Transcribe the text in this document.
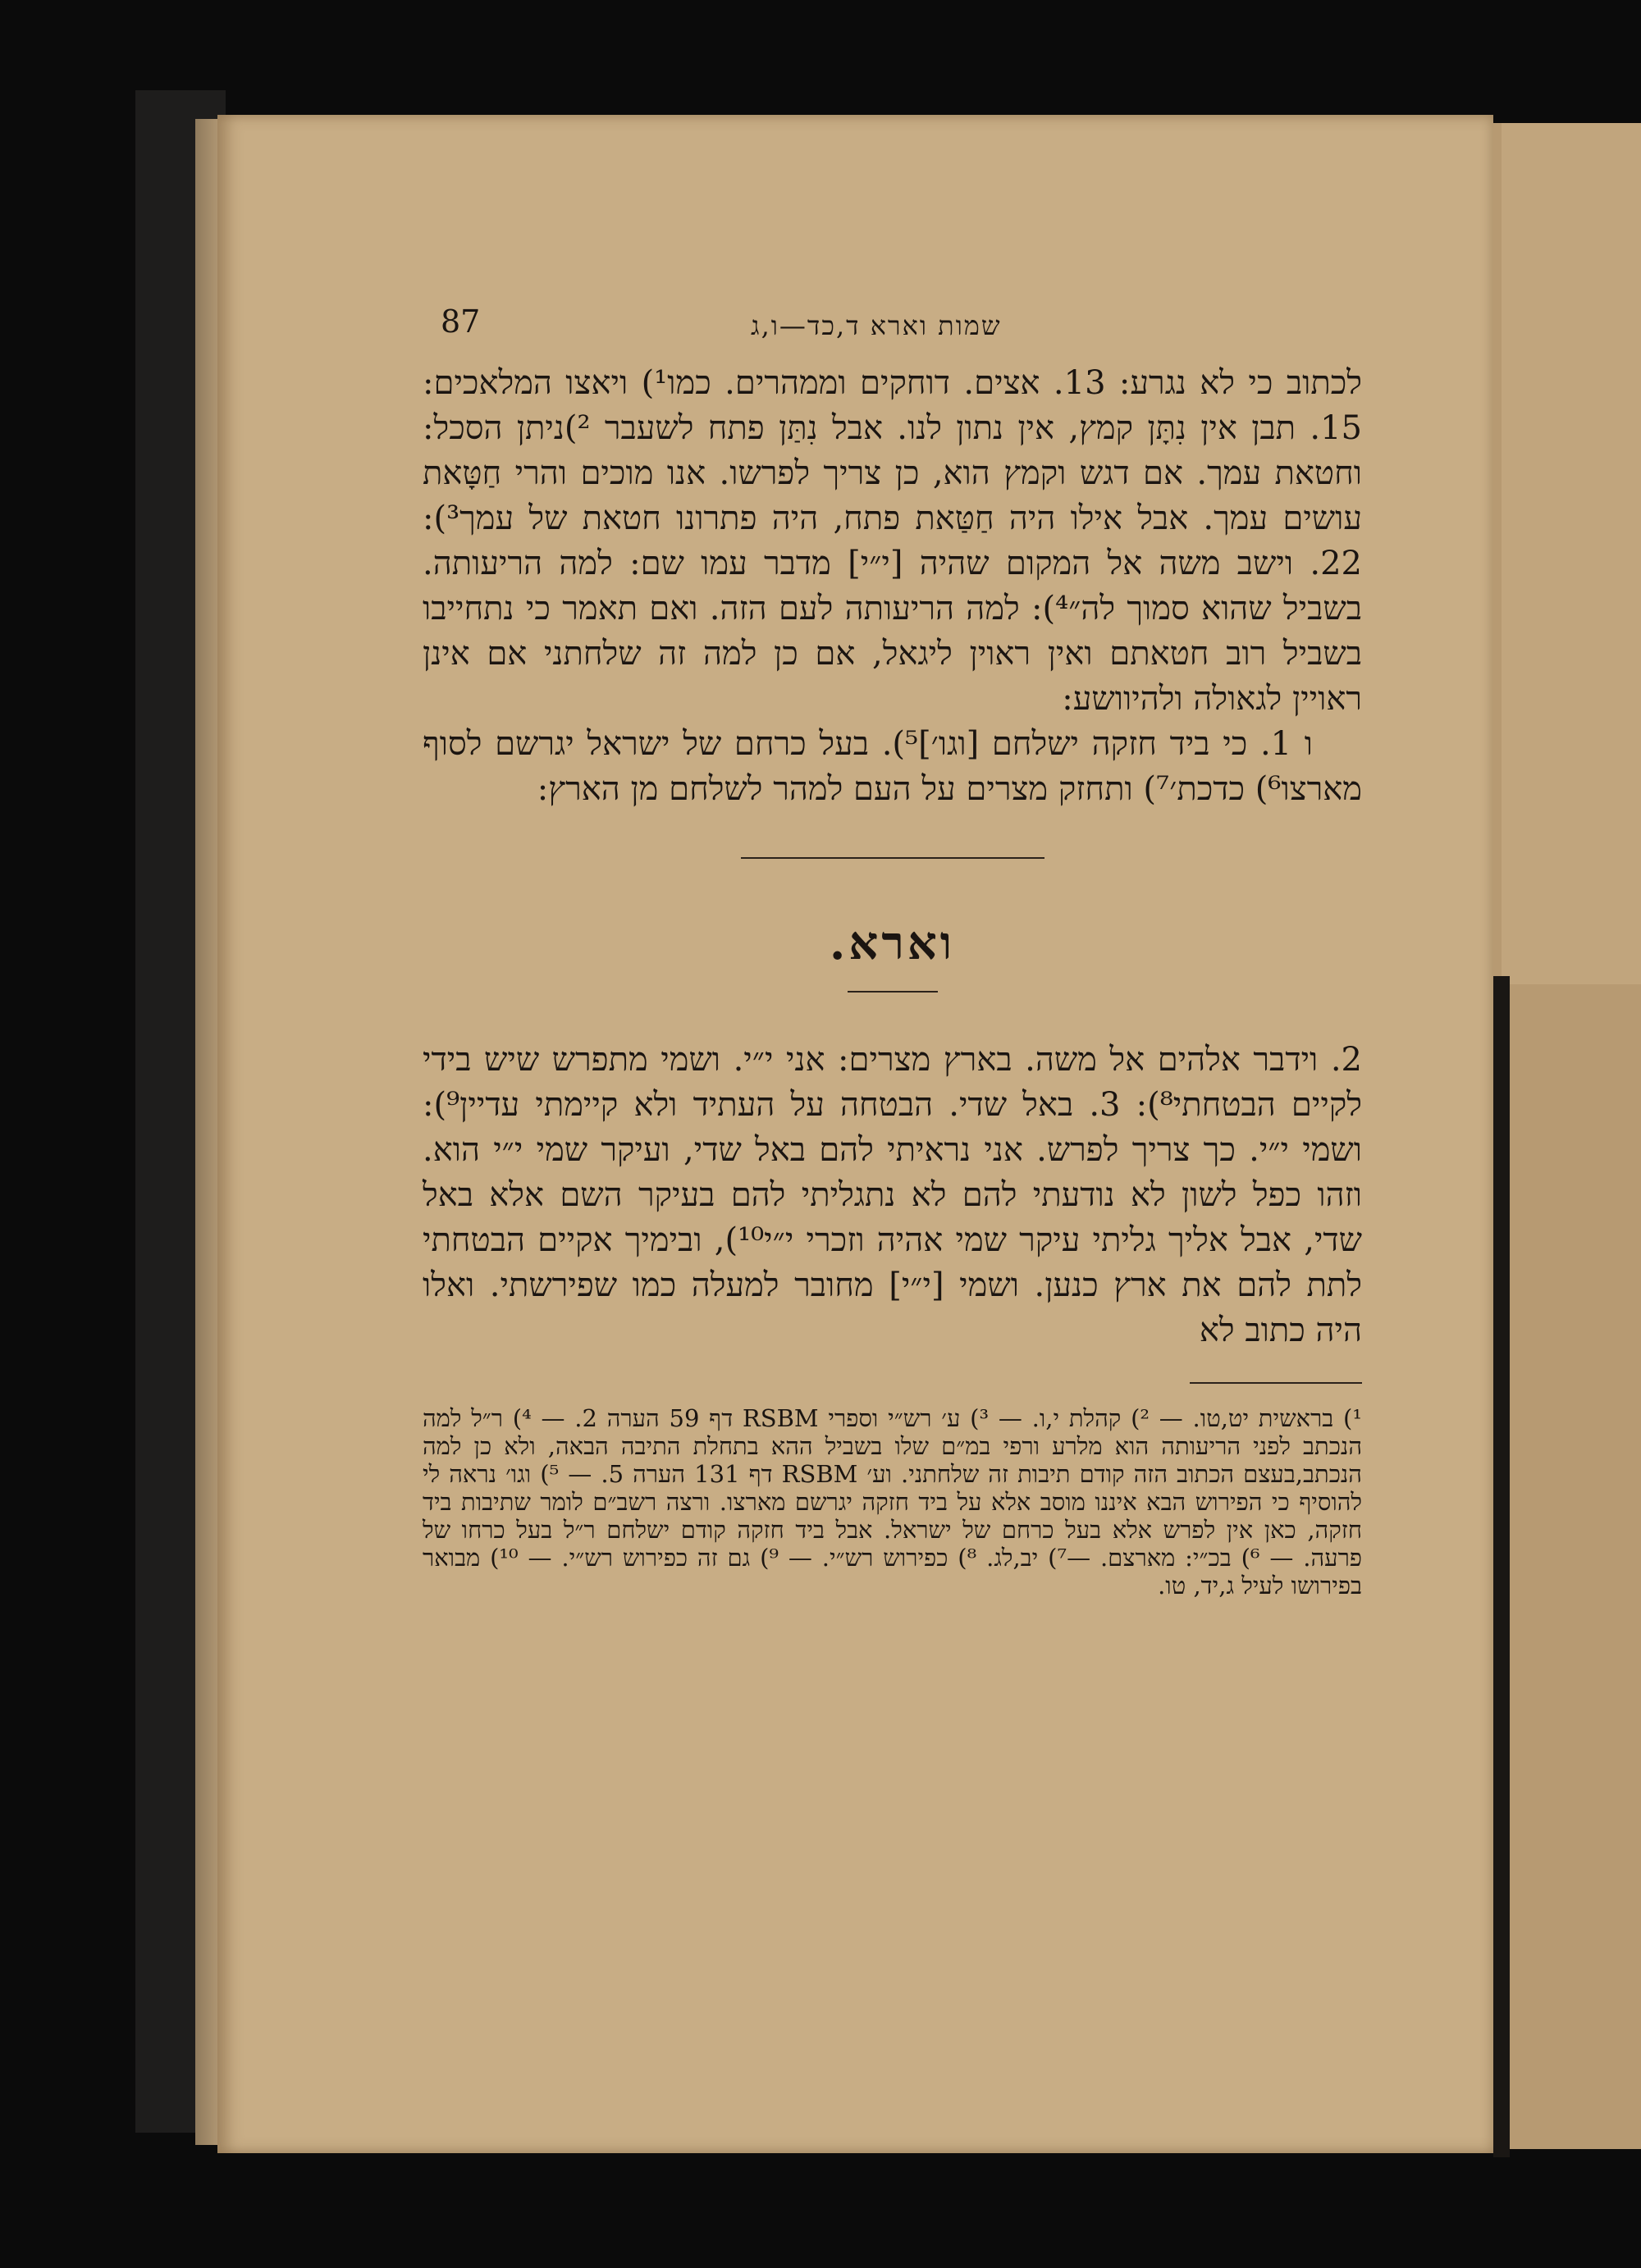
87	שמות וארא ד,כד—ו,ג

לכתוב כי לא נגרע: 13. אצים. דוחקים וממהרים. כמו¹) ויאצו המלאכים: 15. תבן אין נִתָּן קמץ, אין נתון לנו. אבל נִתַּן פתח לשעבר ²)ניתן הסכל: וחטאת עמך. אם דגש וקמץ הוא, כן צריך לפרשו. אנו מוכים והרי חַטָּאת עושים עמך. אבל אילו היה חַטַּאת פתח, היה פתרונו חטאת של עמך³): 22. וישב משה אל המקום שהיה [י״י] מדבר עמו שם: למה הריעותה. בשביל שהוא סמוך לה״⁴): למה הריעותה לעם הזה. ואם תאמר כי נתחייבו בשביל רוב חטאתם ואין ראוין ליגאל, אם כן למה זה שלחתני אם אינן ראויין לגאולה ולהיוושע:

ו 1. כי ביד חזקה ישלחם [וגו׳]⁵). בעל כרחם של ישראל יגרשם לסוף מארצו⁶) כדכת׳⁷) ותחזק מצרים על העם למהר לשלחם מן הארץ:

וארא.

2. וידבר אלהים אל משה. בארץ מצרים: אני י״י. ושמי מתפרש שיש בידי לקיים הבטחתי⁸): 3. באל שדי. הבטחה על העתיד ולא קיימתי עדיין⁹): ושמי י״י. כך צריך לפרש. אני נראיתי להם באל שדי, ועיקר שמי י״י הוא. וזהו כפל לשון לא נודעתי להם לא נתגליתי להם בעיקר השם אלא באל שדי, אבל אליך גליתי עיקר שמי אהיה וזכרי י״י¹⁰), ובימיך אקיים הבטחתי לתת להם את ארץ כנען. ושמי [י״י] מחובר למעלה כמו שפירשתי. ואלו היה כתוב לא

¹) בראשית יט,טו. — ²) קהלת י,ו. — ³) ע׳ רש״י וספרי RSBM דף 59 הערה 2. — ⁴) ר״ל למה הנכתב לפני הריעותה הוא מלרע ורפי במ״ם שלו בשביל ההא בתחלת התיבה הבאה, ולא כן למה הנכתב,בעצם הכתוב הזה קודם תיבות זה שלחתני. וע׳ RSBM דף 131 הערה 5. — ⁵) וגו׳ נראה לי להוסיף כי הפירוש הבא איננו מוסב אלא על ביד חזקה יגרשם מארצו. ורצה רשב״ם לומר שתיבות ביד חזקה, כאן אין לפרש אלא בעל כרחם של ישראל. אבל ביד חזקה קודם ישלחם ר״ל בעל כרחו של פרעה. — ⁶) בכ״י: מארצם. —⁷) יב,לג. ⁸) כפירוש רש״י. — ⁹) גם זה כפירוש רש״י. — ¹⁰) מבואר בפירושו לעיל ג,יד, טו.
